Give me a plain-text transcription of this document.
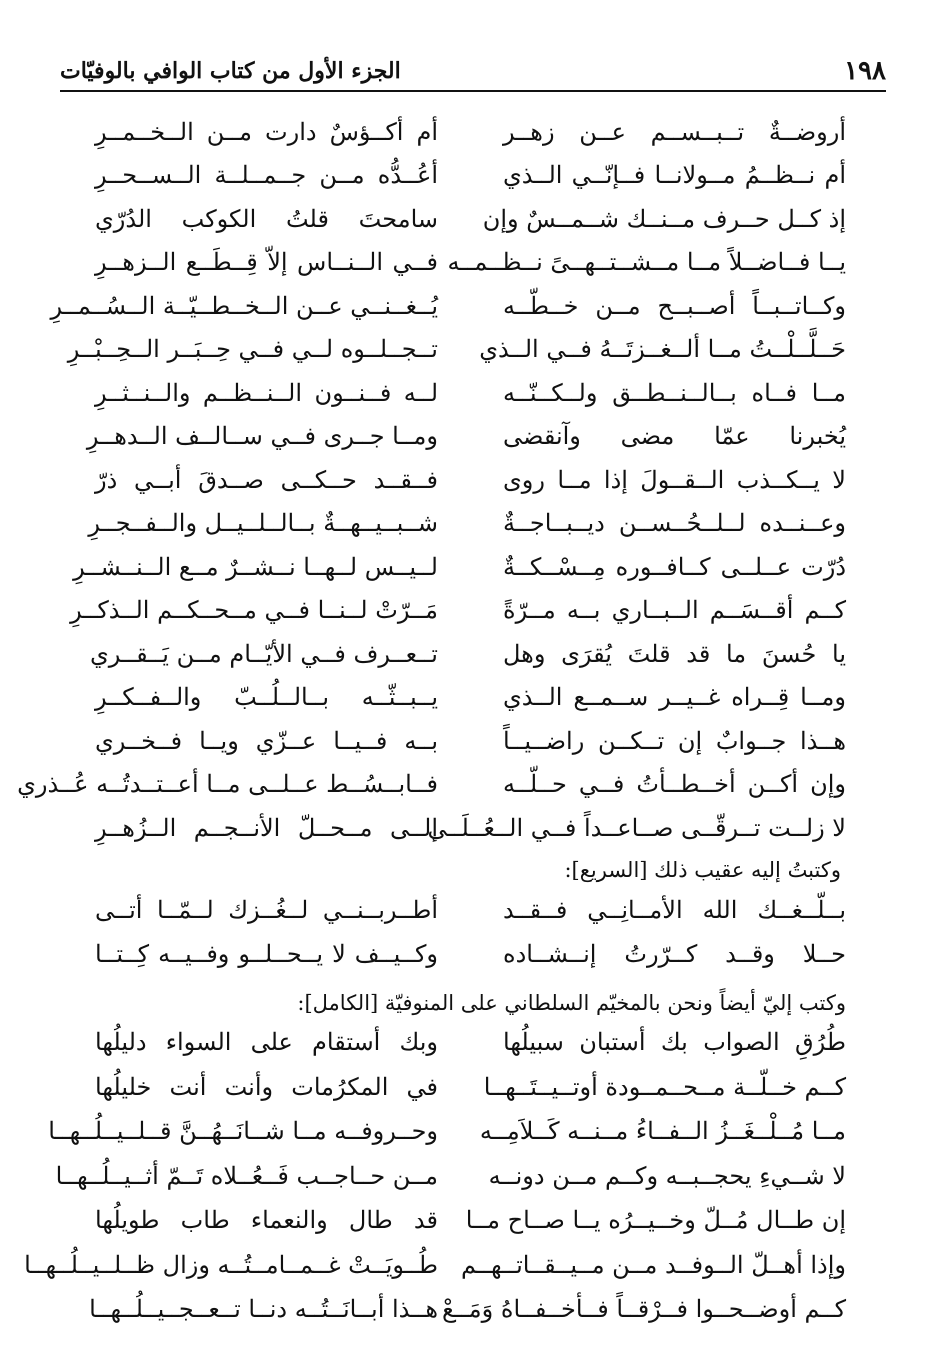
١٩٨
الجزء الأول من كتاب الوافي بالوفيّات
أروضــةٌ تــبــســم عــن زهــر
أم أكــؤسٌ دارت مــن الــخــمــرِ
أم نــظــمُ مــولانــا فــإنّــي الــذي
أعُــدُّه مــن جــمــلــة الــســحــرِ
إذ كــل حــرف مــنــك شــمــسٌ وإن
سامحتَ قلتُ الكوكب الدُرّي
يــا فــاضــلاً مــا مــشــتــهــىً نــظــمــه
فــي الــنــاس إلاّ قِــطَــع الــزهــرِ
وكــاتــبــاً أصــبــح مــن خــطّــه
يُــغــنــي عــن الــخــطــيّــة الــسُــمــرِ
حَــلَّــلْــتُ مــا ألــغــزتَــهُ فــي الــذي
تــجــلــوه لــي فــي حِــبَــر الــحِــبْــرِ
مــا فــاه بــالــنــطــق ولــكــنّــه
لــه فــنــون الــنــظــم والــنــثــرِ
يُخبرنا عمّا مضى وآنقضى
ومــا جــرى فــي ســالــف الــدهــرِ
لا يــكــذب الــقــولَ إذا مــا روى
فــقــد حــكــى صــدقَ أبــي ذرّ
وعــنــده لــلــحُــســن ديــبــاجــةٌ
شــبــيــهــةٌ بــالــلــيــل والــفــجــرِ
دُرّت عــلــى كــافــوره مِــسْــكــةٌ
لــيــس لــهــا نــشــرٌ مــع الــنــشــرِ
كــم أقــسَــم الــبــاري بــه مــرّةً
مَــرّتْ لــنــا فــي مــحــكــم الــذكــرِ
يا حُسنَ ما قد قلتَ يُقرَى وهل
تــعــرف فــي الأيّــام مــن يَــقــري
ومــا قِــراه غــيــر ســمــع الــذي
يــبــثّــه بــالــلُــبّ والــفــكــرِ
هــذا جــوابٌ إن تــكــن راضــيــاً
بــه فــيــا عــزّي ويــا فــخــري
وإن أكــن أخــطــأتُ فــي حــلّــه
فــابــسُــط عــلــى مــا أعــتــدتُــه عُــذري
لا زلــت تــرقّــى صــاعــداً فــي الــعُــلَــى
إلــى مــحــلّ الأنــجــم الــزُهــرِ
وكتبتُ إليه عقيب ذلك [السريع]:
بــلّــغــك الله الأمــانِــي فــقــد
أطــربــنــي لــغُــزك لــمّــا أتــى
حــلا وقــد كــرّرتُ إنــشــاده
وكــيــف لا يــحــلــو وفــيــه كِــتــا
وكتب إليّ أيضاً ونحن بالمخيّم السلطاني على المنوفيّة [الكامل]:
طُرُقِ الصواب بك أستبان سبيلُها
وبك أستقام على السواء دليلُها
كــم خــلّــة مــحــمــودة أوتــيــتَــهــا
في المكرُمات وأنت أنت خليلُها
مــا مُــلْــغَــزُ الــفــاءُ مــنــه كَــلاَمِــه
وحــروفــه مــا شــانَــهُــنَّ قــلــيــلُــهــا
لا شــيءِ يحجــبــه وكــم مــن دونــه
مــن حــاجــب فَــعُــلاه تَــمّ أثــيــلُــهــا
إن طــال مُــلّ وخــيــرُه يــا صــاح مــا
قد طال والنعماء طاب طويلُها
وإذا أهــلّ الــوفــد مــن مــيــقــاتــهــم
طُــويَــتْ غــمــامــتُــه وزال ظــلــيــلُــهــا
كــم أوضــحــوا فــرْقــاً فــأخــفــاهُ وَمَــعْ
هــذا أبــانَــتُــه دنــا تــعــجــيــلُــهــا
